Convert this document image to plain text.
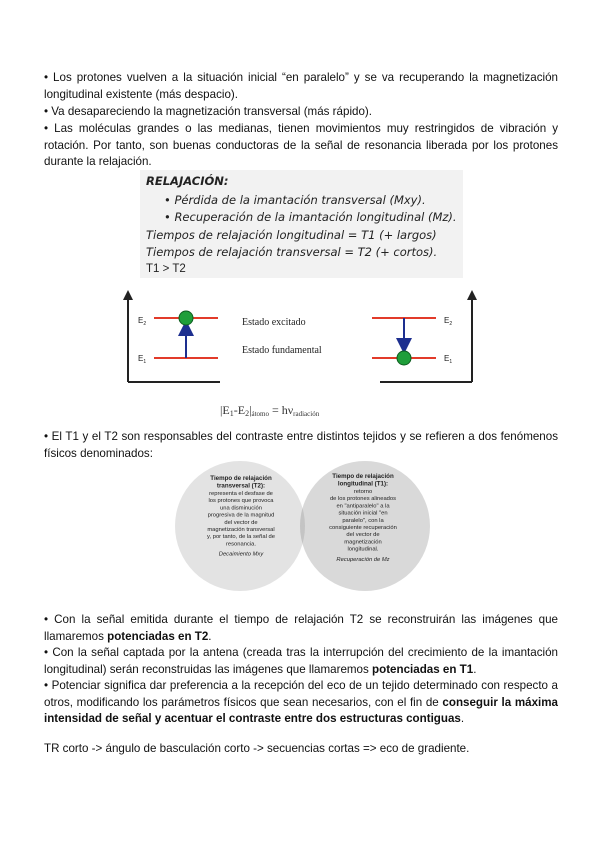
• Los protones vuelven a la situación inicial “en paralelo” y se va recuperando la magnetización longitudinal existente (más despacio).
• Va desapareciendo la magnetización transversal (más rápido).
• Las moléculas grandes o las medianas, tienen movimientos muy restringidos de vibración y rotación. Por tanto, son buenas conductoras de la señal de resonancia liberada por los protones durante la relajación.
RELAJACIÓN:
• Pérdida de la imantación transversal (Mxy).
• Recuperación de la imantación longitudinal (Mz).
Tiempos de relajación longitudinal = T1 (+ largos)
Tiempos de relajación transversal = T2 (+ cortos).
T1 > T2
$E_2$
$E_1$
Estado excitado
Estado fundamental
$E_2$
$E_1$
|E1-E2|átomo = hνradiación
• El T1 y el T2 son responsables del contraste entre distintos tejidos y se refieren a dos fenómenos físicos denominados:
Tiempo de relajación
transversal (T2):
representa el desfase de
los protones que provoca
una disminución
progresiva de la magnitud
del vector de
magnetización transversal
y, por tanto, de la señal de
resonancia.
Decaimiento Mxy
Tiempo de relajación
longitudinal (T1):
retorno
de los protones alineados
en "antiparalelo" a la
situación inicial "en
paralelo", con la
consiguiente recuperación
del vector de
magnetización
longitudinal.
Recuperación de Mz
• Con la señal emitida durante el tiempo de relajación T2 se reconstruirán las imágenes que llamaremos potenciadas en T2.
• Con la señal captada por la antena (creada tras la interrupción del crecimiento de la imantación longitudinal) serán reconstruidas las imágenes que llamaremos potenciadas en T1.
• Potenciar significa dar preferencia a la recepción del eco de un tejido determinado con respecto a otros, modificando los parámetros físicos que sean necesarios, con el fin de conseguir la máxima intensidad de señal y acentuar el contraste entre dos estructuras contiguas.
TR corto -> ángulo de basculación corto -> secuencias cortas => eco de gradiente.
